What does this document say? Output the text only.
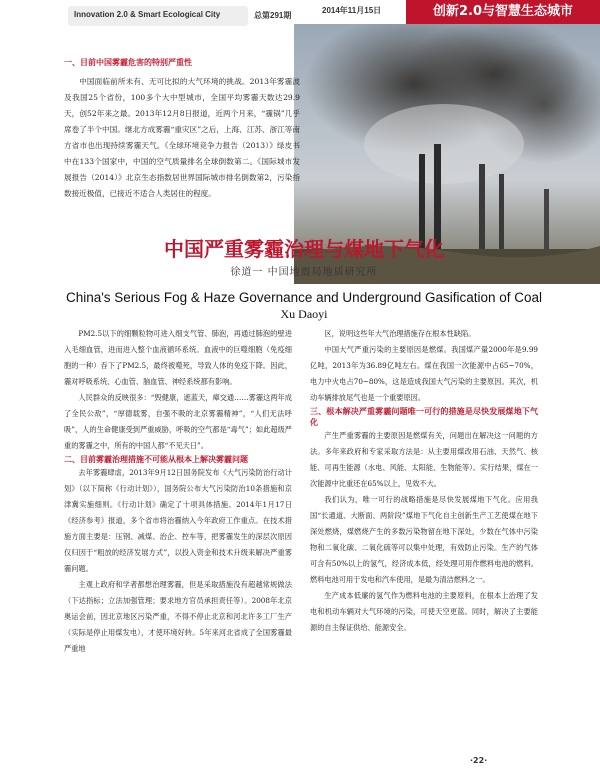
Innovation 2.0 & Smart Ecological City	总第291期
2014年11月15日	创新2.0与智慧生态城市
一、目前中国雾霾危害的特别严重性
中国面临前所未有、无可比拟的大气环境的挑战。2013年雾霾波及我国25个省份，100多个大中型城市，全国平均雾霾天数达29.9天，创52年来之最。2013年12月8日报道，近两个月来，“霾锅”几乎席卷了半个中国。继北方成雾霾“重灾区”之后，上海、江苏、浙江等南方省市也出现持续雾霾天气。《全球环境竞争力报告（2013）》绿皮书中在133个国家中，中国的空气质量排名全球倒数第二。《国际城市发展报告（2014）》北京生态指数居世界国际城市排名倒数第2，污染指数接近极值，已接近不适合人类居住的程度。
中国严重雾霾治理与煤地下气化
徐道一 中国地震局地质研究所
China's Serious Fog & Haze Governance and Underground Gasification of Coal
Xu Daoyi

PM2.5以下的细颗粒物可进入细支气管、肺泡，再通过肺泡的壁进入毛细血管，进而进入整个血液循环系统。血液中的巨噬细胞（免疫细胞的一种）吞下了PM2.5，最终被噬死，导致人体的免疫下降。因此，霾对呼吸系统、心血管、脑血管、神经系统都有影响。

人民群众的反映很多：“毁健康，遮蓝天，瘴交通……雾霾这两年成了全民公敌”，“厚德载雾，自强不吸的北京雾霾精神”，“人们无法呼吸”，人的生命健康受到严重威胁，呼吸的空气都是“毒气”；如此超级严重的雾霾之中，所有的中国人都“不见天日”。

二、目前雾霾治理措施不可能从根本上解决雾霾问题

去年雾霾肆虐，2013年9月12日国务院发布《大气污染防治行动计划》（以下简称《行动计划》），国务院公布大气污染防治10条措施和京津冀实施细则。《行动计划》确定了十项具体措施。2014年1月17日《经济参考》报道，多个省市将治霾纳入今年政府工作重点。在技术措施方面主要是：压钢、减煤、治企、控车等，把雾霾发生的深层次原因仅归因于“粗放的经济发展方式”，以投入资金和技术升级来解决严重雾霾问题。

主观上政府和学者都想治理雾霾，但是采取措施没有超越常规做法（下达指标；立法加强管理；要求地方官员承担责任等）。2008年北京奥运会前，因北京地区污染严重，不得不停止北京和河北许多工厂生产（实际是停止用煤发电），才使环境好转。5年来河北省成了全国雾霾最严重地

区，说明这些年大气治理措施存在根本性缺陷。

中国大气严重污染的主要原因是燃煤。我国煤产量2000年是9.99亿吨，2013年为36.89亿吨左右。煤在我国一次能源中占65~70%，电力中火电占70~80%，这是造成我国大气污染的主要原因。其次，机动车辆排放尾气也是一个重要原因。

三、根本解决严重雾霾问题唯一可行的措施是尽快发展煤地下气化

产生严重雾霾的主要原因是燃煤有关，问题出在解决这一问题的方法。多年来政府和专家采取方法是：从主要用煤改用石油、天然气、核能、可再生能源（水电、风能、太阳能、生物能等）。实行结果，煤在一次能源中比重还在65%以上，见效不大。

我们认为，唯一可行的战略措施是尽快发展煤地下气化。应用我国“长通道、大断面、两阶段”煤地下气化自主创新生产工艺使煤在地下深处燃烧，煤燃烧产生的多数污染物留在地下深处，少数在气体中污染物和二氧化碳、二氧化硫等可以集中处理，有效防止污染。生产的气体可含有50%以上的氢气，经济成本低，经处理可用作燃料电池的燃料。燃料电池可用于发电和汽车使用，是最为清洁燃料之一。

生产成本低廉的氢气作为燃料电池的主要原料，在根本上治理了发电和机动车辆对大气环境的污染，可使天空更蓝。同时，解决了主要能源的自主保证供给、能源安全。

·22·
